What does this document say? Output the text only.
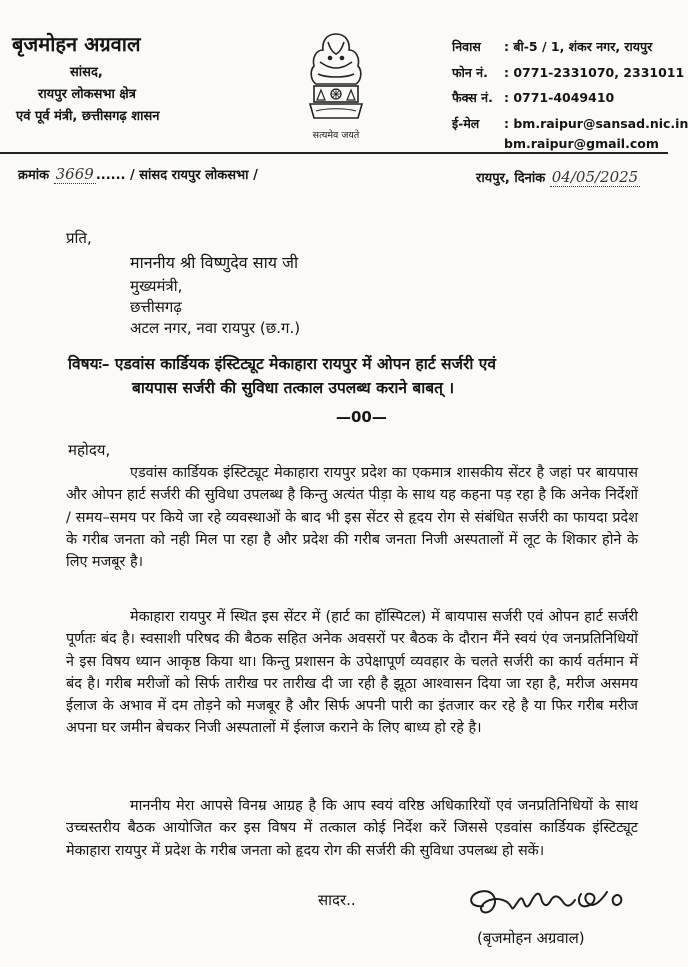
बृजमोहन अग्रवाल
सांसद,
रायपुर लोकसभा क्षेत्र
एवं पूर्व मंत्री, छत्तीसगढ़ शासन
सत्यमेव जयते
निवास : बी-5 / 1, शंकर नगर, रायपुर
फोन नं. : 0771-2331070, 2331011
फैक्स नं. : 0771-4049410
ई-मेल : bm.raipur@sansad.nic.in
bm.raipur@gmail.com
क्रमांक 3669 ...... / सांसद रायपुर लोकसभा /	रायपुर, दिनांक 04/05/2025
प्रति,
माननीय श्री विष्णुदेव साय जी
मुख्यमंत्री,
छत्तीसगढ़
अटल नगर, नवा रायपुर (छ.ग.)
विषयः– एडवांस कार्डियक इंस्टिट्यूट मेकाहारा रायपुर में ओपन हार्ट सर्जरी एवं
बायपास सर्जरी की सुविधा तत्काल उपलब्ध कराने बाबत् ।
—00—
महोदय,
एडवांस कार्डियक इंस्टिट्यूट मेकाहारा रायपुर प्रदेश का एकमात्र शासकीय सेंटर है जहां पर बायपास और ओपन हार्ट सर्जरी की सुविधा उपलब्ध है किन्तु अत्यंत पीड़ा के साथ यह कहना पड़ रहा है कि अनेक निर्देशों / समय–समय पर किये जा रहे व्यवस्थाओं के बाद भी इस सेंटर से हृदय रोग से संबंधित सर्जरी का फायदा प्रदेश के गरीब जनता को नही मिल पा रहा है और प्रदेश की गरीब जनता निजी अस्पतालों में लूट के शिकार होने के लिए मजबूर है।
मेकाहारा रायपुर में स्थित इस सेंटर में (हार्ट का हॉस्पिटल) में बायपास सर्जरी एवं ओपन हार्ट सर्जरी पूर्णतः बंद है। स्वसाशी परिषद की बैठक सहित अनेक अवसरों पर बैठक के दौरान मैंने स्वयं एंव जनप्रतिनिधियों ने इस विषय ध्यान आकृष्ठ किया था। किन्तु प्रशासन के उपेक्षापूर्ण व्यवहार के चलते सर्जरी का कार्य वर्तमान में बंद है। गरीब मरीजों को सिर्फ तारीख पर तारीख दी जा रही है झूठा आश्वासन दिया जा रहा है, मरीज असमय ईलाज के अभाव में दम तोड़ने को मजबूर है और सिर्फ अपनी पारी का इंतजार कर रहे है या फिर गरीब मरीज अपना घर जमीन बेचकर निजी अस्पतालों में ईलाज कराने के लिए बाध्य हो रहे है।
माननीय मेरा आपसे विनम्र आग्रह है कि आप स्वयं वरिष्ठ अधिकारियों एवं जनप्रतिनिधियों के साथ उच्चस्तरीय बैठक आयोजित कर इस विषय में तत्काल कोई निर्देश करें जिससे एडवांस कार्डियक इंस्टिट्यूट मेकाहारा रायपुर में प्रदेश के गरीब जनता को हृदय रोग की सर्जरी की सुविधा उपलब्ध हो सकें।
सादर..
(बृजमोहन अग्रवाल)
